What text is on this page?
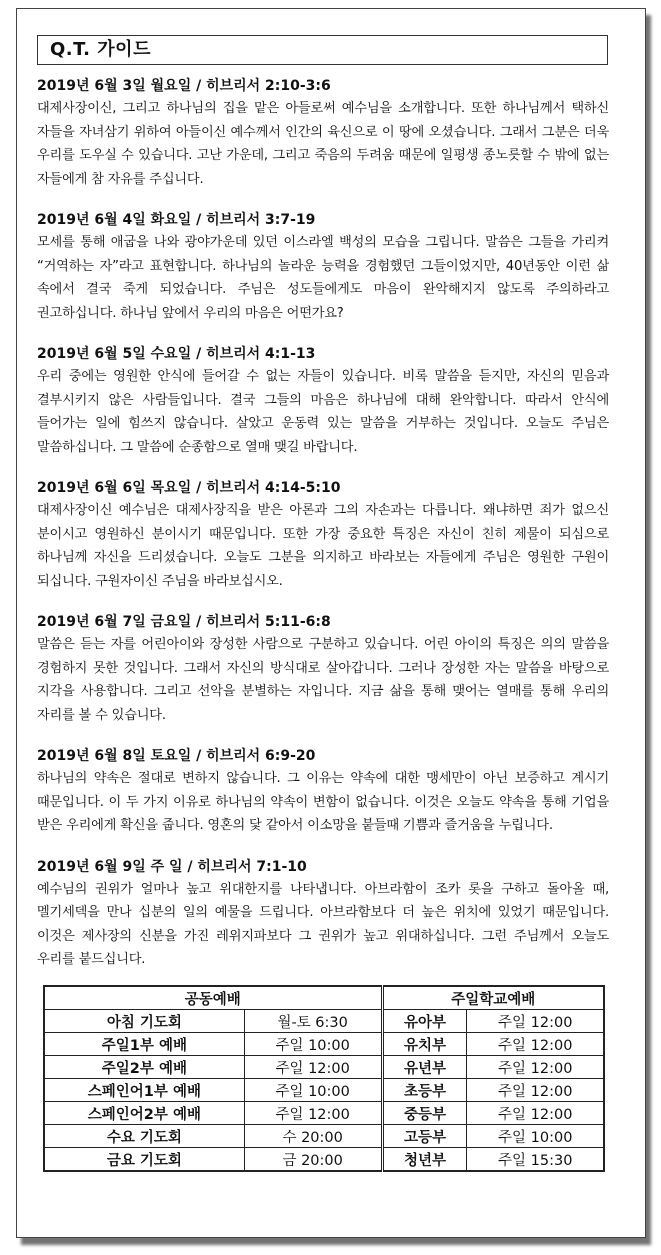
Q.T. 가이드
2019년 6월 3일 월요일 / 히브리서 2:10-3:6
대제사장이신, 그리고 하나님의 집을 맡은 아들로써 예수님을 소개합니다. 또한 하나님께서 택하신 자들을 자녀삼기 위하여 아들이신 예수께서 인간의 육신으로 이 땅에 오셨습니다. 그래서 그분은 더욱 우리를 도우실 수 있습니다. 고난 가운데, 그리고 죽음의 두려움 때문에 일평생 종노릇할 수 밖에 없는 자들에게 참 자유를 주십니다.
2019년 6월 4일 화요일 / 히브리서 3:7-19
모세를 통해 애굽을 나와 광야가운데 있던 이스라엘 백성의 모습을 그립니다. 말씀은 그들을 가리켜 “거역하는 자”라고 표현합니다. 하나님의 놀라운 능력을 경험했던 그들이었지만, 40년동안 이런 삶 속에서 결국 죽게 되었습니다. 주님은 성도들에게도 마음이 완악해지지 않도록 주의하라고 권고하십니다. 하나님 앞에서 우리의 마음은 어떤가요?
2019년 6월 5일 수요일 / 히브리서 4:1-13
우리 중에는 영원한 안식에 들어갈 수 없는 자들이 있습니다. 비록 말씀을 듣지만, 자신의 믿음과 결부시키지 않은 사람들입니다. 결국 그들의 마음은 하나님에 대해 완악합니다. 따라서 안식에 들어가는 일에 힘쓰지 않습니다. 살았고 운동력 있는 말씀을 거부하는 것입니다. 오늘도 주님은 말씀하십니다. 그 말씀에 순종함으로 열매 맺길 바랍니다.
2019년 6월 6일 목요일 / 히브리서 4:14-5:10
대제사장이신 예수님은 대제사장직을 받은 아론과 그의 자손과는 다릅니다. 왜냐하면 죄가 없으신 분이시고 영원하신 분이시기 때문입니다. 또한 가장 중요한 특징은 자신이 친히 제물이 되심으로 하나님께 자신을 드리셨습니다. 오늘도 그분을 의지하고 바라보는 자들에게 주님은 영원한 구원이 되십니다. 구원자이신 주님을 바라보십시오.
2019년 6월 7일 금요일 / 히브리서 5:11-6:8
말씀은 듣는 자를 어린아이와 장성한 사람으로 구분하고 있습니다. 어린 아이의 특징은 의의 말씀을 경험하지 못한 것입니다. 그래서 자신의 방식대로 살아갑니다. 그러나 장성한 자는 말씀을 바탕으로 지각을 사용합니다. 그리고 선악을 분별하는 자입니다. 지금 삶을 통해 맺어는 열매를 통해 우리의 자리를 볼 수 있습니다.
2019년 6월 8일 토요일 / 히브리서 6:9-20
하나님의 약속은 절대로 변하지 않습니다. 그 이유는 약속에 대한 맹세만이 아닌 보증하고 계시기 때문입니다. 이 두 가지 이유로 하나님의 약속이 변함이 없습니다. 이것은 오늘도 약속을 통해 기업을 받은 우리에게 확신을 줍니다. 영혼의 닻 같아서 이소망을 붙들때 기쁨과 즐거움을 누립니다.
2019년 6월 9일 주 일 / 히브리서 7:1-10
예수님의 권위가 얼마나 높고 위대한지를 나타냅니다. 아브라함이 조카 롯을 구하고 돌아올 때, 멜기세덱을 만나 십분의 일의 예물을 드립니다. 아브라함보다 더 높은 위치에 있었기 때문입니다. 이것은 제사장의 신분을 가진 레위지파보다 그 권위가 높고 위대하십니다. 그런 주님께서 오늘도 우리를 붙드십니다.
공동예배		주일학교예배	
아침 기도회	월-토 6:30	유아부	주일 12:00
주일1부 예배	주일 10:00	유치부	주일 12:00
주일2부 예배	주일 12:00	유년부	주일 12:00
스페인어1부 예배	주일 10:00	초등부	주일 12:00
스페인어2부 예배	주일 12:00	중등부	주일 12:00
수요 기도회	수 20:00	고등부	주일 10:00
금요 기도회	금 20:00	청년부	주일 15:30
